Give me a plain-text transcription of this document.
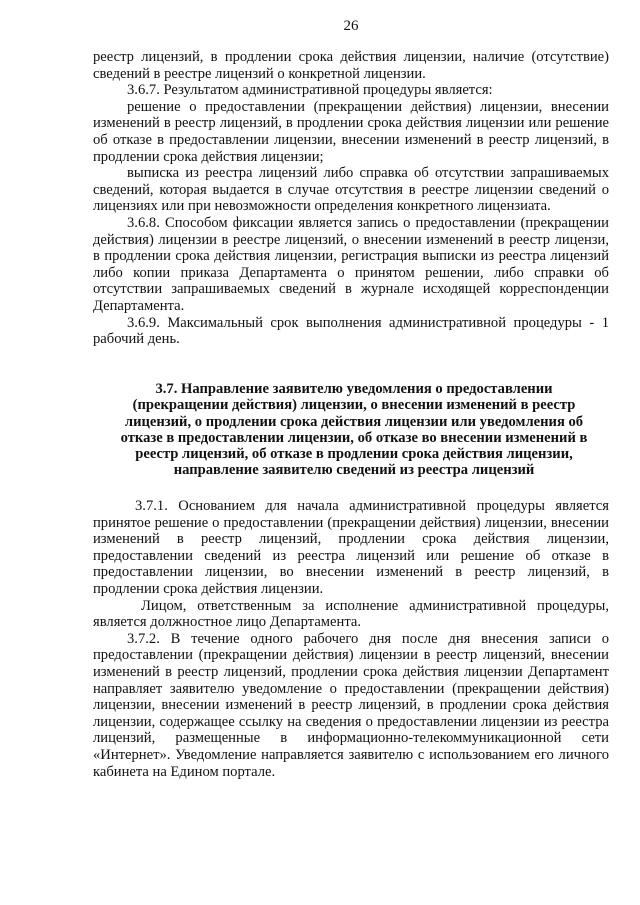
26

реестр лицензий, в продлении срока действия лицензии, наличие (отсутствие) сведений в реестре лицензий о конкретной лицензии.

3.6.7. Результатом административной процедуры является:

решение о предоставлении (прекращении действия) лицензии, внесении изменений в реестр лицензий, в продлении срока действия лицензии или решение об отказе в предоставлении лицензии, внесении изменений в реестр лицензий, в продлении срока действия лицензии;

выписка из реестра лицензий либо справка об отсутствии запрашиваемых сведений, которая выдается в случае отсутствия в реестре лицензии сведений о лицензиях или при невозможности определения конкретного лицензиата.

3.6.8. Способом фиксации является запись о предоставлении (прекращении действия) лицензии в реестре лицензий, о внесении изменений в реестр лицензи, в продлении срока действия лицензии, регистрация выписки из реестра лицензий либо копии приказа Департамента о принятом решении, либо справки об отсутствии запрашиваемых сведений в журнале исходящей корреспонденции Департамента.

3.6.9. Максимальный срок выполнения административной процедуры - 1 рабочий день.

3.7. Направление заявителю уведомления о предоставлении (прекращении действия) лицензии, о внесении изменений в реестр лицензий, о продлении срока действия лицензии или уведомления об отказе в предоставлении лицензии, об отказе во внесении изменений в реестр лицензий, об отказе в продлении срока действия лицензии, направление заявителю сведений из реестра лицензий

3.7.1. Основанием для начала административной процедуры является принятое решение о предоставлении (прекращении действия) лицензии, внесении изменений в реестр лицензий, продлении срока действия лицензии, предоставлении сведений из реестра лицензий или решение об отказе в предоставлении лицензии, во внесении изменений в реестр лицензий, в продлении срока действия лицензии.

Лицом, ответственным за исполнение административной процедуры, является должностное лицо Департамента.

3.7.2. В течение одного рабочего дня после дня внесения записи о предоставлении (прекращении действия) лицензии в реестр лицензий, внесении изменений в реестр лицензий, продлении срока действия лицензии Департамент направляет заявителю уведомление о предоставлении (прекращении действия) лицензии, внесении изменений в реестр лицензий, в продлении срока действия лицензии, содержащее ссылку на сведения о предоставлении лицензии из реестра лицензий, размещенные в информационно-телекоммуникационной сети «Интернет». Уведомление направляется заявителю с использованием его личного кабинета на Едином портале.
